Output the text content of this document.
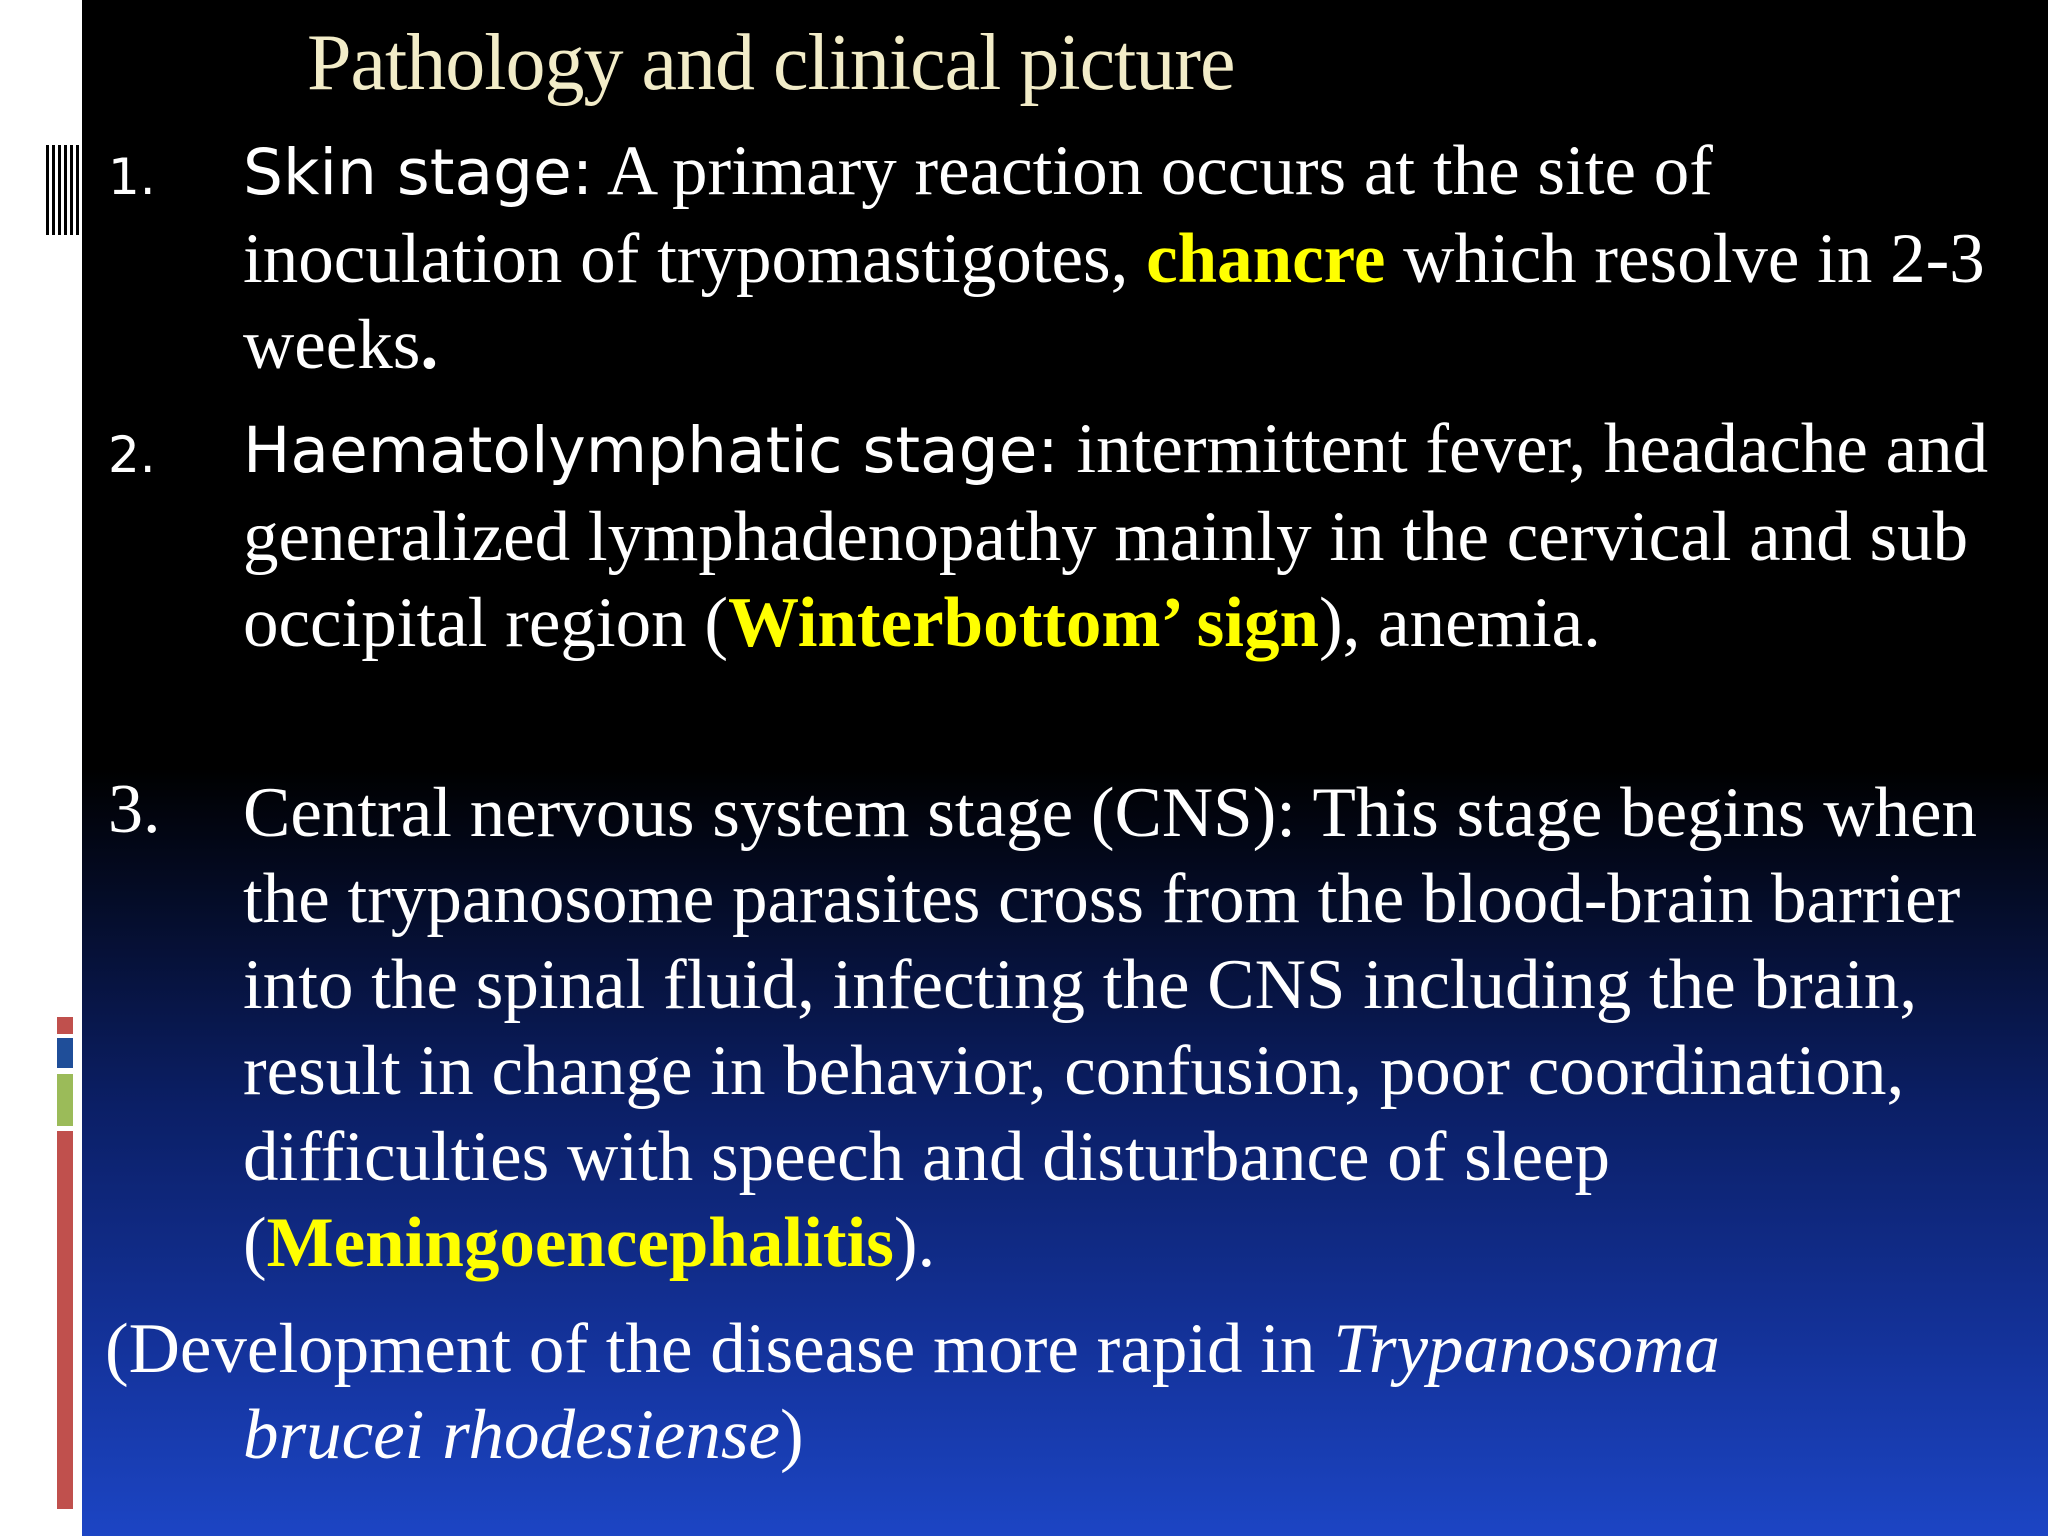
Pathology and clinical picture
1. Skin stage: A primary reaction occurs at the site of inoculation of trypomastigotes, chancre which resolve in 2-3 weeks.
2. Haematolymphatic stage: intermittent fever, headache and generalized lymphadenopathy mainly in the cervical and sub occipital region (Winterbottom’ sign), anemia.
3. Central nervous system stage (CNS): This stage begins when the trypanosome parasites cross from the blood-brain barrier into the spinal fluid, infecting the CNS including the brain, result in change in behavior, confusion, poor coordination, difficulties with speech and disturbance of sleep (Meningoencephalitis).
(Development of the disease more rapid in Trypanosoma
brucei rhodesiense)
